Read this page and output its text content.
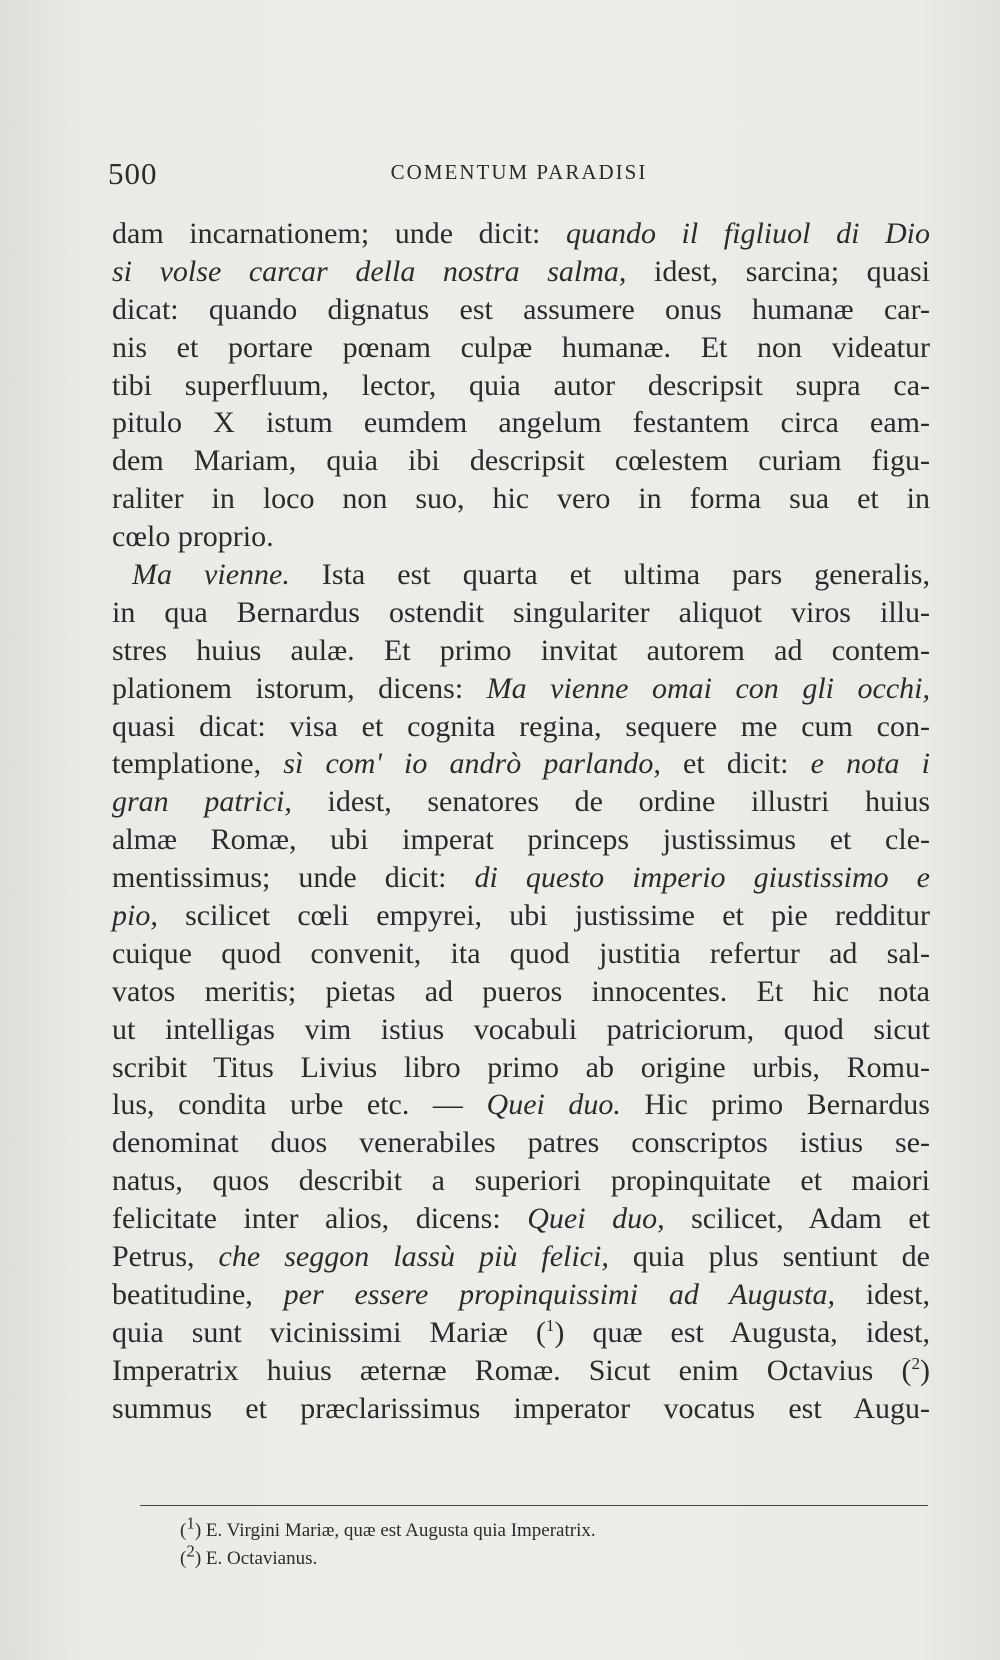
500	COMENTUM PARADISI
dam incarnationem; unde dicit: quando il figliuol di Dio
si volse carcar della nostra salma, idest, sarcina; quasi
dicat: quando dignatus est assumere onus humanæ car-
nis et portare pœnam culpæ humanæ. Et non videatur
tibi superfluum, lector, quia autor descripsit supra ca-
pitulo X istum eumdem angelum festantem circa eam-
dem Mariam, quia ibi descripsit cœlestem curiam figu-
raliter in loco non suo, hic vero in forma sua et in
cœlo proprio.
Ma vienne. Ista est quarta et ultima pars generalis,
in qua Bernardus ostendit singulariter aliquot viros illu-
stres huius aulæ. Et primo invitat autorem ad contem-
plationem istorum, dicens: Ma vienne omai con gli occhi,
quasi dicat: visa et cognita regina, sequere me cum con-
templatione, sì com' io andrò parlando, et dicit: e nota i
gran patrici, idest, senatores de ordine illustri huius
almæ Romæ, ubi imperat princeps justissimus et cle-
mentissimus; unde dicit: di questo imperio giustissimo e
pio, scilicet cœli empyrei, ubi justissime et pie redditur
cuique quod convenit, ita quod justitia refertur ad sal-
vatos meritis; pietas ad pueros innocentes. Et hic nota
ut intelligas vim istius vocabuli patriciorum, quod sicut
scribit Titus Livius libro primo ab origine urbis, Romu-
lus, condita urbe etc. — Quei duo. Hic primo Bernardus
denominat duos venerabiles patres conscriptos istius se-
natus, quos describit a superiori propinquitate et maiori
felicitate inter alios, dicens: Quei duo, scilicet, Adam et
Petrus, che seggon lassù più felici, quia plus sentiunt de
beatitudine, per essere propinquissimi ad Augusta, idest,
quia sunt vicinissimi Mariæ ($^1$) quæ est Augusta, idest,
Imperatrix huius æternæ Romæ. Sicut enim Octavius ($^2$)
summus et præclarissimus imperator vocatus est Augu-
($^1$) E. Virgini Mariæ, quæ est Augusta quia Imperatrix.
($^2$) E. Octavianus.
